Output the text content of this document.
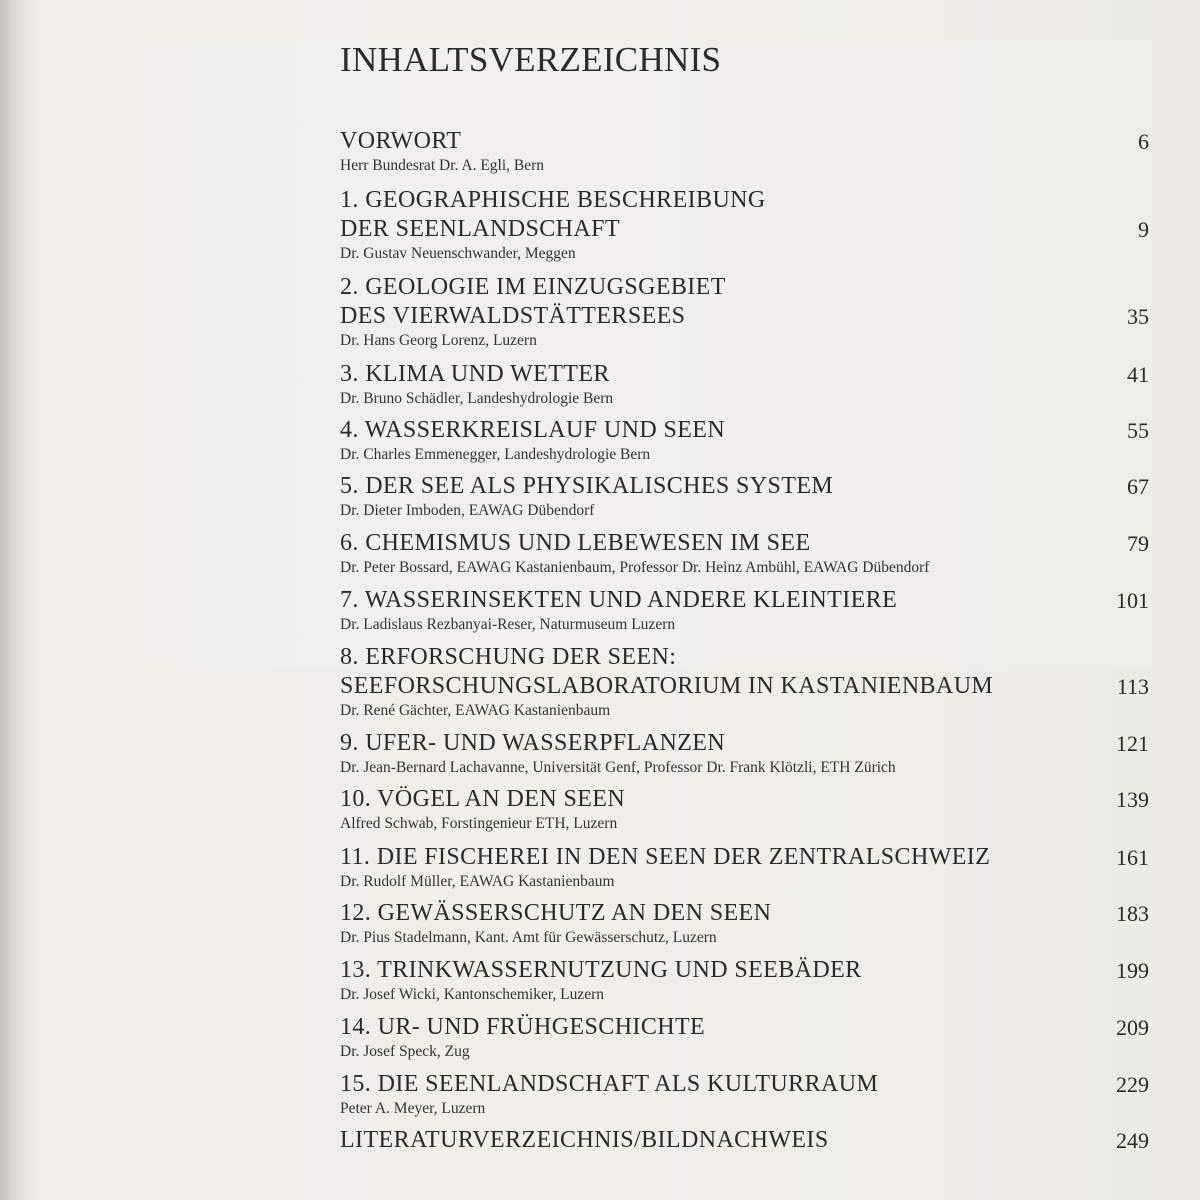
INHALTSVERZEICHNIS
VORWORT
Herr Bundesrat Dr. A. Egli, Bern
6
1. GEOGRAPHISCHE BESCHREIBUNG
DER SEENLANDSCHAFT
Dr. Gustav Neuenschwander, Meggen
9
2. GEOLOGIE IM EINZUGSGEBIET
DES VIERWALDSTÄTTERSEES
Dr. Hans Georg Lorenz, Luzern
35
3. KLIMA UND WETTER
Dr. Bruno Schädler, Landeshydrologie Bern
41
4. WASSERKREISLAUF UND SEEN
Dr. Charles Emmenegger, Landeshydrologie Bern
55
5. DER SEE ALS PHYSIKALISCHES SYSTEM
Dr. Dieter Imboden, EAWAG Dübendorf
67
6. CHEMISMUS UND LEBEWESEN IM SEE
Dr. Peter Bossard, EAWAG Kastanienbaum, Professor Dr. Heinz Ambühl, EAWAG Dübendorf
79
7. WASSERINSEKTEN UND ANDERE KLEINTIERE
Dr. Ladislaus Rezbanyai-Reser, Naturmuseum Luzern
101
8. ERFORSCHUNG DER SEEN:
SEEFORSCHUNGSLABORATORIUM IN KASTANIENBAUM
Dr. René Gächter, EAWAG Kastanienbaum
113
9. UFER- UND WASSERPFLANZEN
Dr. Jean-Bernard Lachavanne, Universität Genf, Professor Dr. Frank Klötzli, ETH Zürich
121
10. VÖGEL AN DEN SEEN
Alfred Schwab, Forstingenieur ETH, Luzern
139
11. DIE FISCHEREI IN DEN SEEN DER ZENTRALSCHWEIZ
Dr. Rudolf Müller, EAWAG Kastanienbaum
161
12. GEWÄSSERSCHUTZ AN DEN SEEN
Dr. Pius Stadelmann, Kant. Amt für Gewässerschutz, Luzern
183
13. TRINKWASSERNUTZUNG UND SEEBÄDER
Dr. Josef Wicki, Kantonschemiker, Luzern
199
14. UR- UND FRÜHGESCHICHTE
Dr. Josef Speck, Zug
209
15. DIE SEENLANDSCHAFT ALS KULTURRAUM
Peter A. Meyer, Luzern
229
LITERATURVERZEICHNIS/BILDNACHWEIS	249
